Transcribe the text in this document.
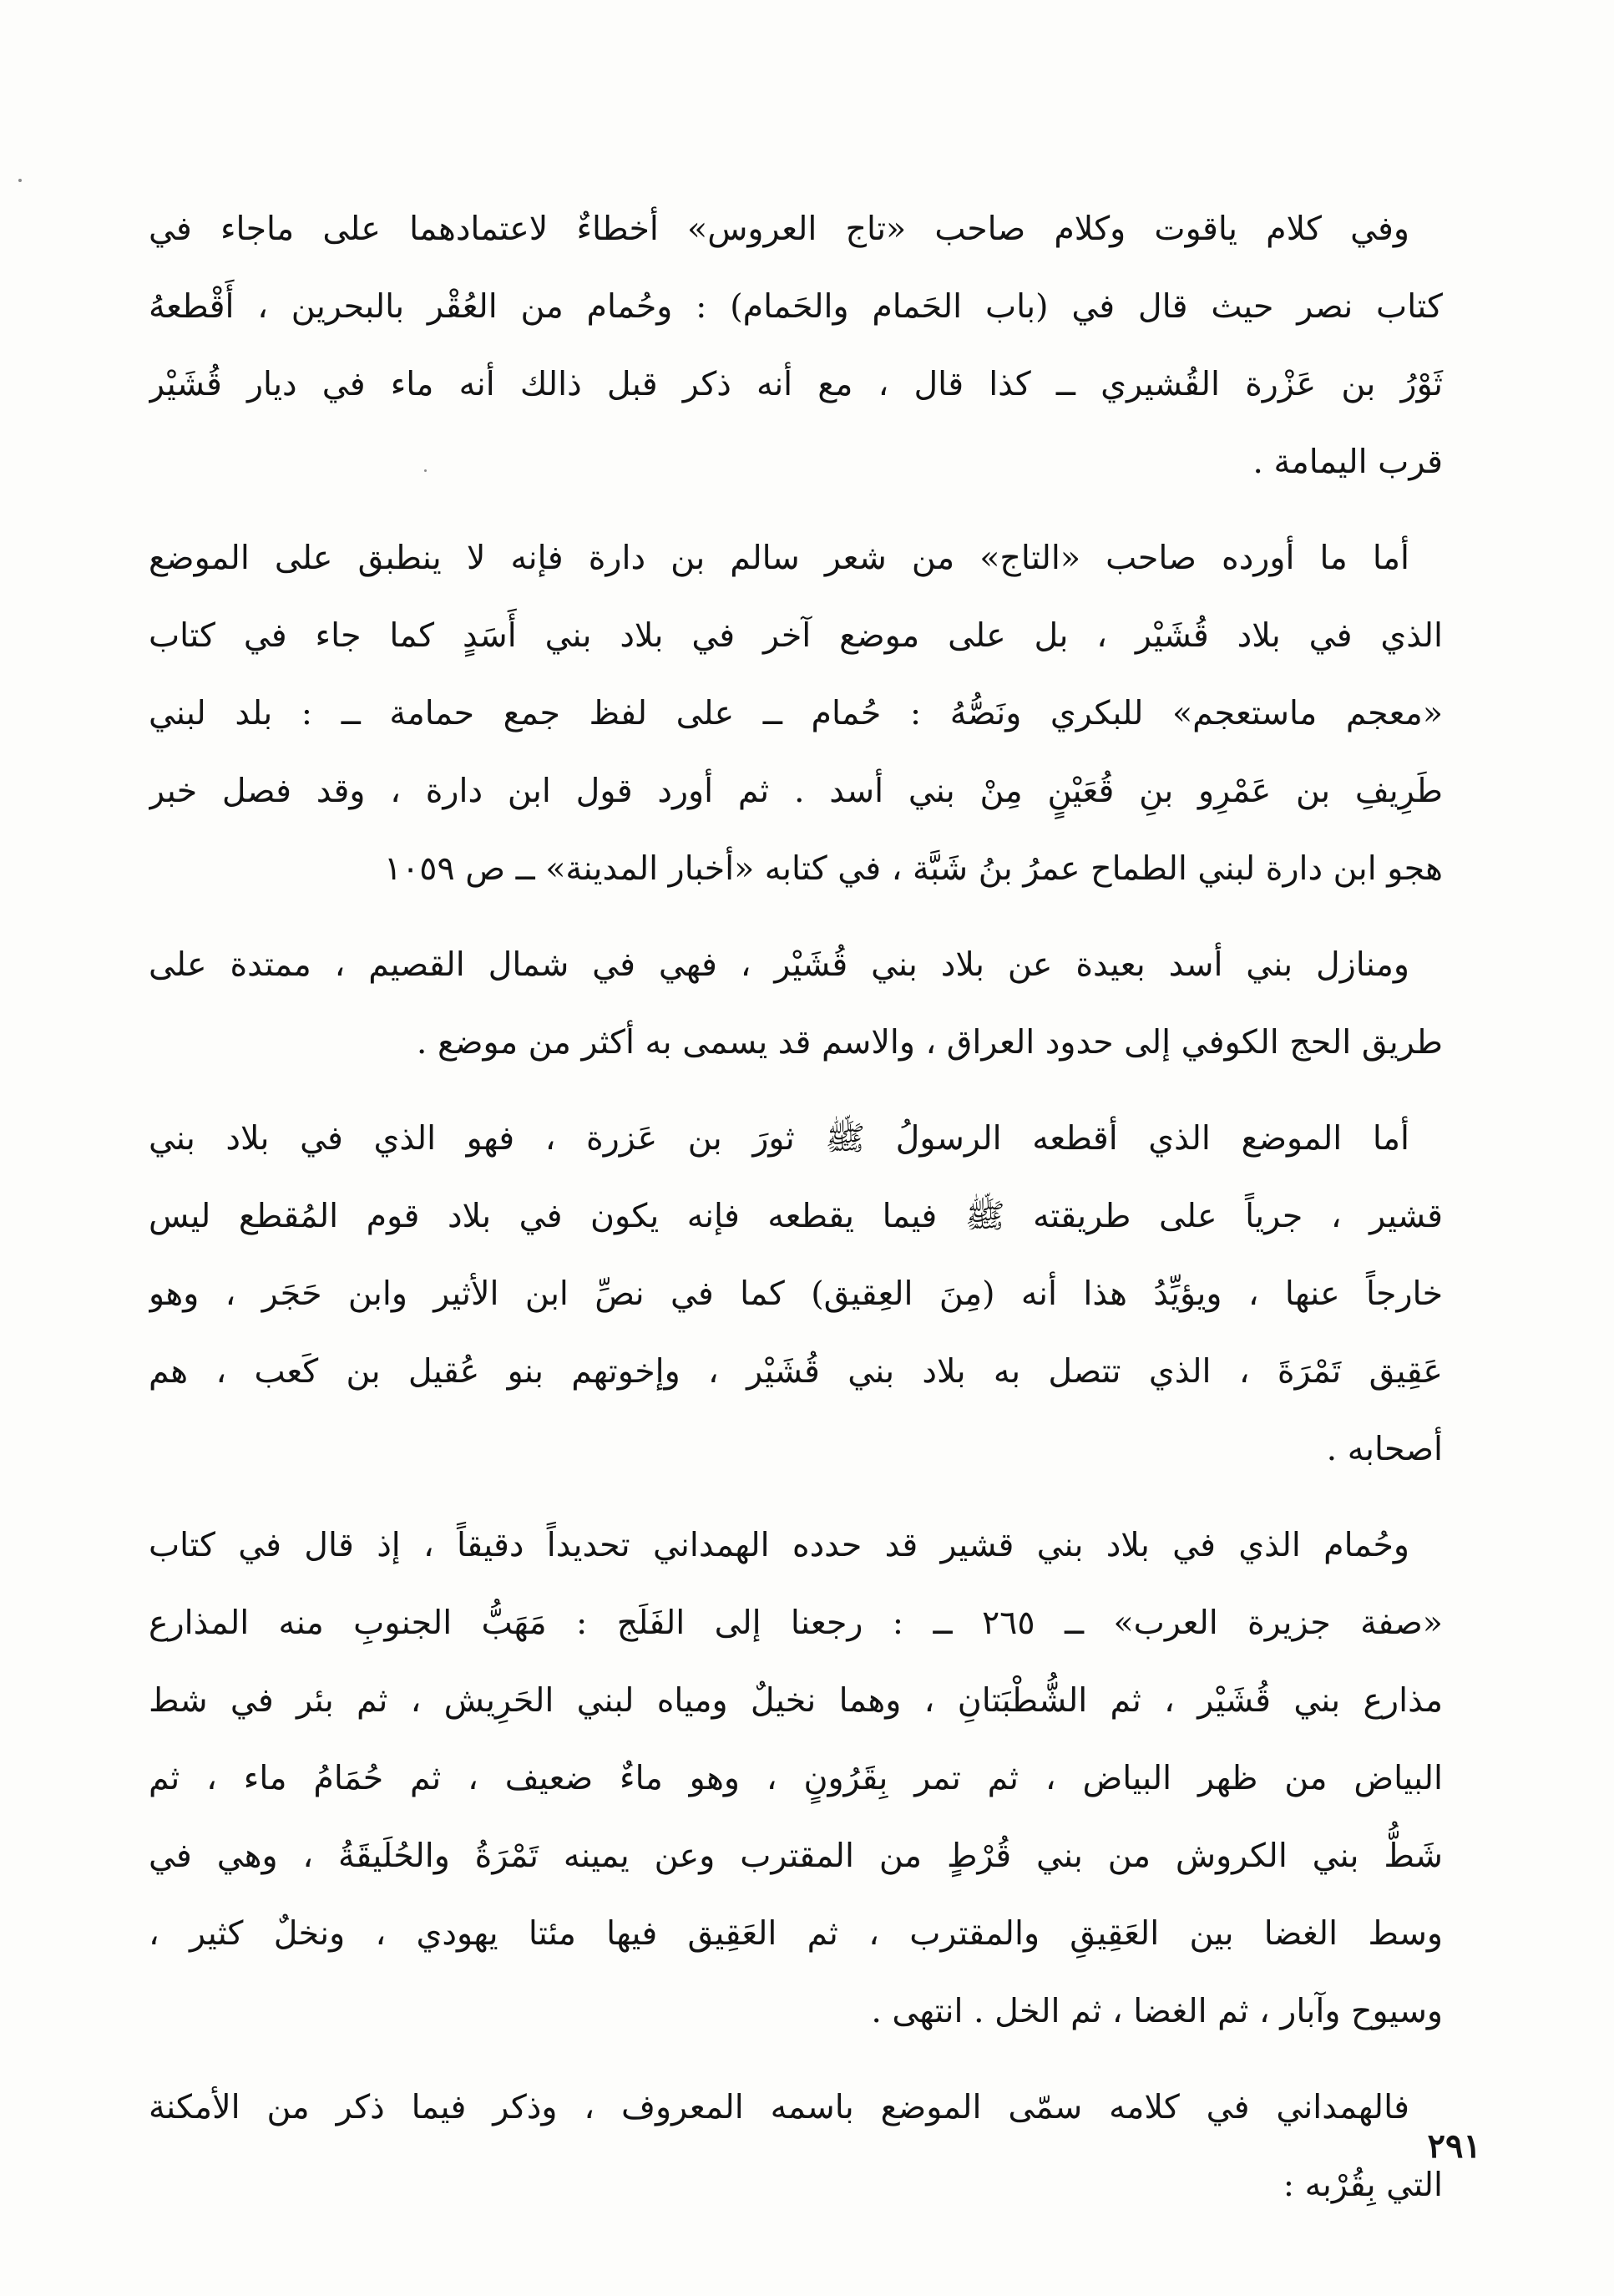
وفي كلام ياقوت وكلام صاحب «تاج العروس» أخطاءٌ لاعتمادهما على ماجاء في
كتاب نصر حيث قال في (باب الحَمام والحَمام) : وحُمام من العُقْر بالبحرين ، أَقْطعهُ
ثَوْرُ بن عَزْرة القُشيري ــ كذا قال ، مع أنه ذكر قبل ذالك أنه ماء في ديار قُشَيْر
قرب اليمامة .
أما ما أورده صاحب «التاج» من شعر سالم بن دارة فإنه لا ينطبق على الموضع
الذي في بلاد قُشَيْر ، بل على موضع آخر في بلاد بني أَسَدٍ كما جاء في كتاب
«معجم ماستعجم» للبكري ونَصُّهُ : حُمام ــ على لفظ جمع حمامة ــ : بلد لبني
طَرِيفِ بن عَمْرِو بنِ قُعَيْنٍ مِنْ بني أسد . ثم أورد قول ابن دارة ، وقد فصل خبر
هجو ابن دارة لبني الطماح عمرُ بنُ شَبَّة ، في كتابه «أخبار المدينة» ــ ص ١٠٥٩
ومنازل بني أسد بعيدة عن بلاد بني قُشَيْر ، فهي في شمال القصيم ، ممتدة على
طريق الحج الكوفي إلى حدود العراق ، والاسم قد يسمى به أكثر من موضع .
أما الموضع الذي أقطعه الرسولُ ﷺ ثورَ بن عَزرة ، فهو الذي في بلاد بني
قشير ، جرياً على طريقته ﷺ فيما يقطعه فإنه يكون في بلاد قوم المُقطع ليس
خارجاً عنها ، ويؤيِّدُ هذا أنه (مِنَ العِقيق) كما في نصِّ ابن الأثير وابن حَجَر ، وهو
عَقِيق تَمْرَةَ ، الذي تتصل به بلاد بني قُشَيْر ، وإخوتهم بنو عُقيل بن كَعب ، هم
أصحابه .
وحُمام الذي في بلاد بني قشير قد حدده الهمداني تحديداً دقيقاً ، إذ قال في كتاب
«صفة جزيرة العرب» ــ ٢٦٥ ــ : رجعنا إلى الفَلَج : مَهَبُّ الجنوبِ منه المذارع
مذارع بني قُشَيْر ، ثم الشُّطْبَتانِ ، وهما نخيلٌ ومياه لبني الحَرِيش ، ثم بئر في شط
البياض من ظهر البياض ، ثم تمر بِقَرُونٍ ، وهو ماءٌ ضعيف ، ثم حُمَامُ ماء ، ثم
شَطُّ بني الكروش من بني قُرْطٍ من المقترب وعن يمينه تَمْرَةُ والحُلَيقَةُ ، وهي في
وسط الغضا بين العَقِيقِ والمقترب ، ثم العَقِيق فيها مئتا يهودي ، ونخلٌ كثير ،
وسيوح وآبار ، ثم الغضا ، ثم الخل . انتهى .
فالهمداني في كلامه سمّى الموضع باسمه المعروف ، وذكر فيما ذكر من الأمكنة
التي بِقُرْبه :
٢٩١
